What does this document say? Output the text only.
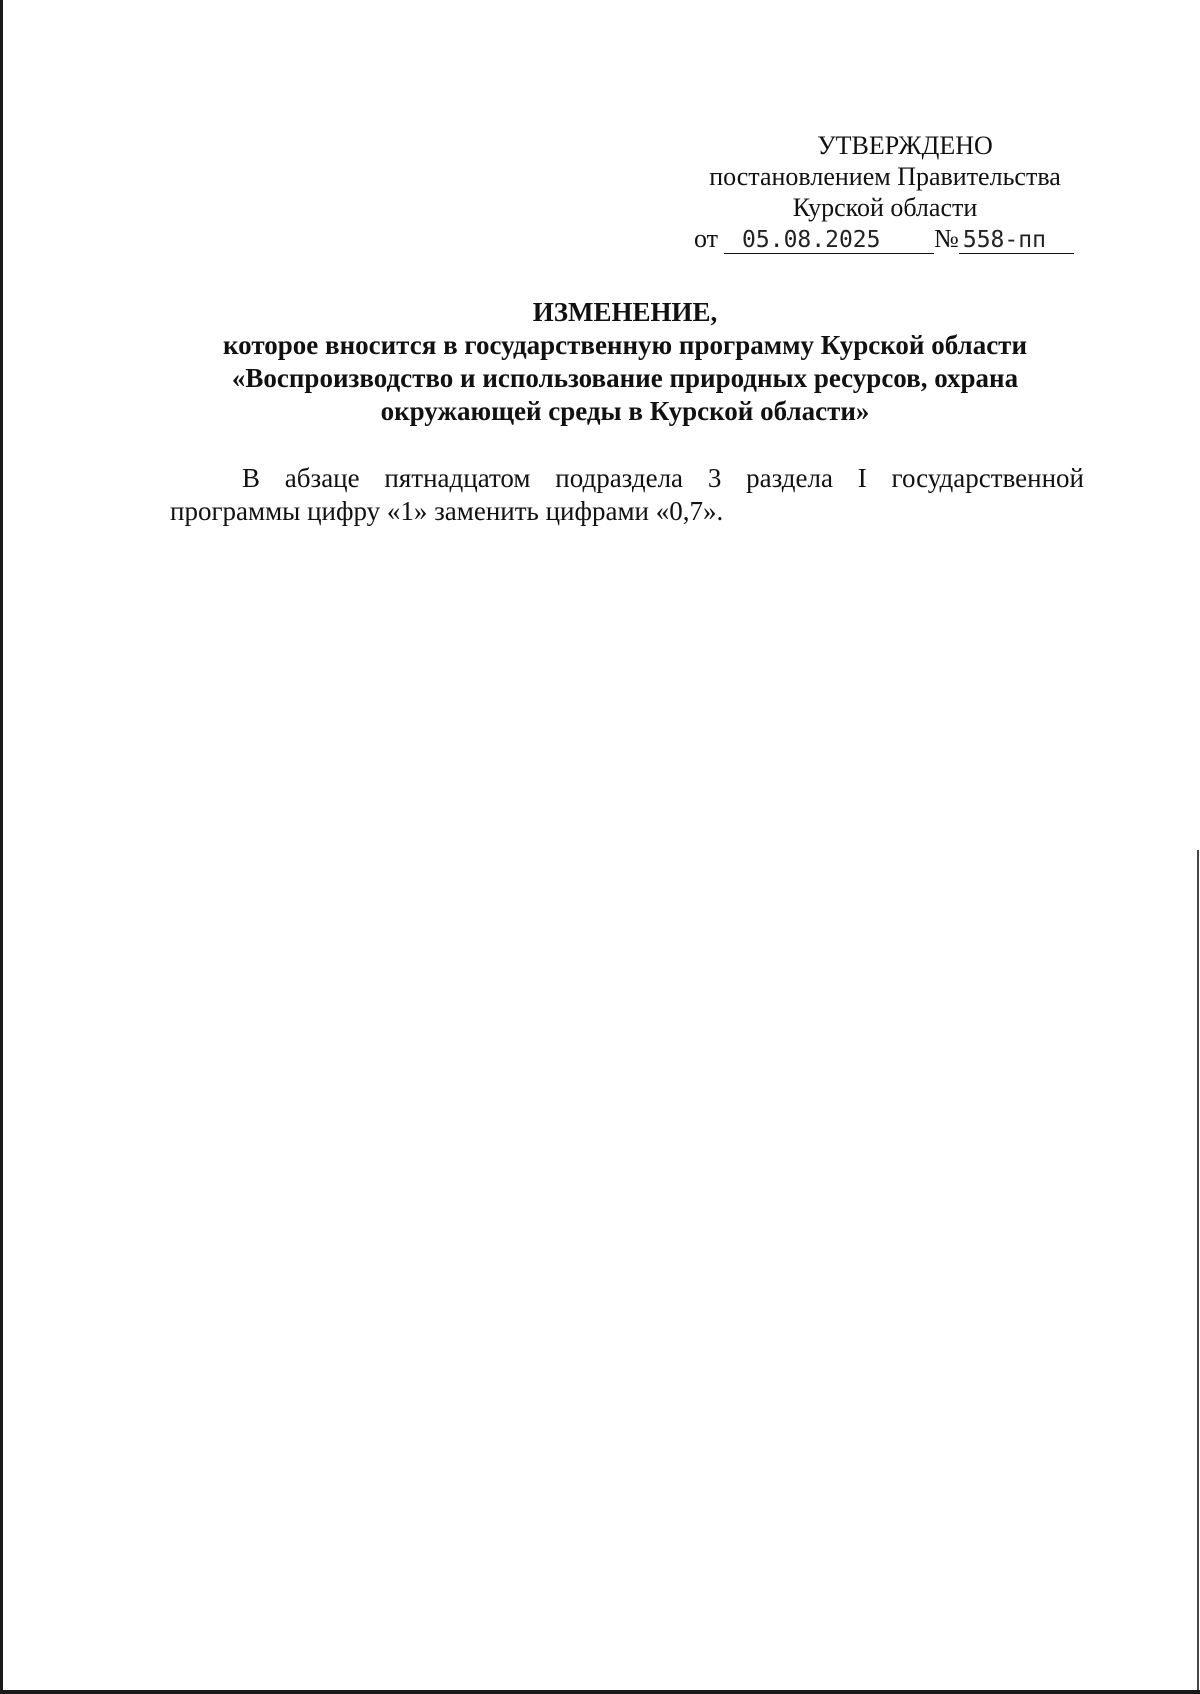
УТВЕРЖДЕНО
постановлением Правительства
Курской области
от 05.08.2025 № 558-пп
ИЗМЕНЕНИЕ,
которое вносится в государственную программу Курской области
«Воспроизводство и использование природных ресурсов, охрана
окружающей среды в Курской области»
В абзаце пятнадцатом подраздела 3 раздела I государственной
программы цифру «1» заменить цифрами «0,7».
